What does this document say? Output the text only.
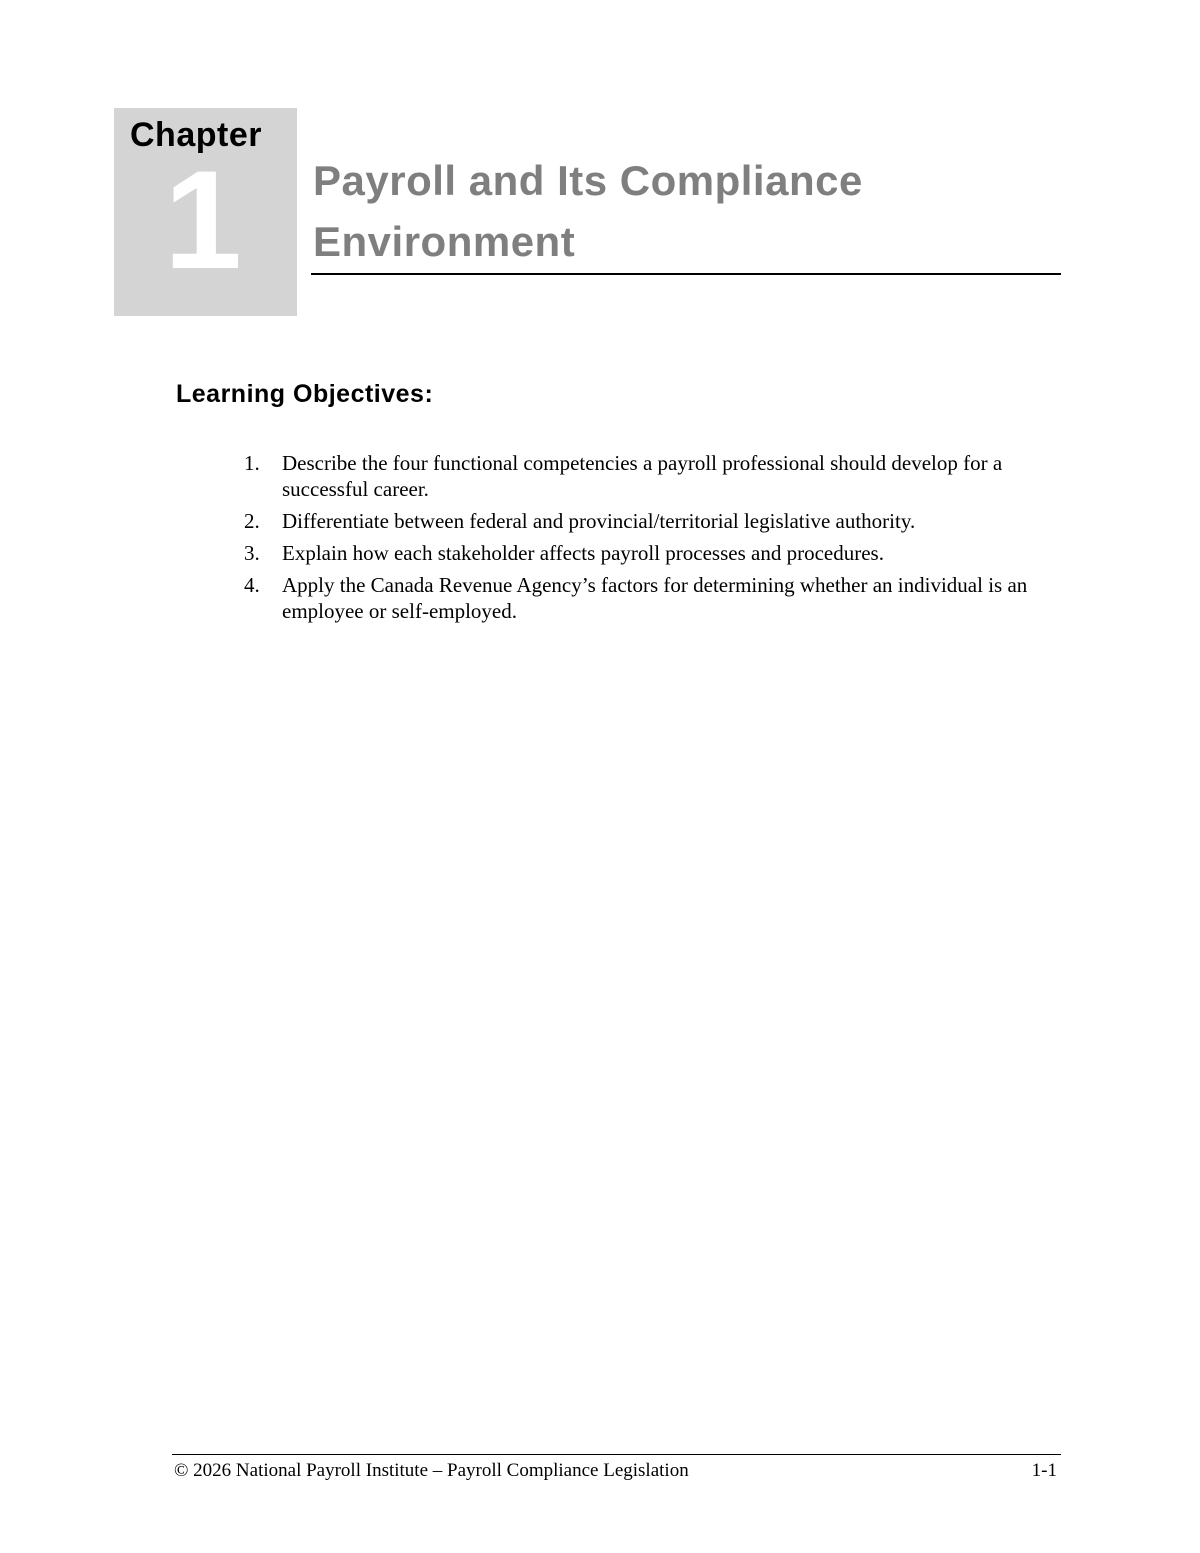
Chapter
1 Payroll and Its Compliance
Environment
Learning Objectives:
1. Describe the four functional competencies a payroll professional should develop for a successful career.
2. Differentiate between federal and provincial/territorial legislative authority.
3. Explain how each stakeholder affects payroll processes and procedures.
4. Apply the Canada Revenue Agency’s factors for determining whether an individual is an employee or self-employed.
© 2026 National Payroll Institute – Payroll Compliance Legislation	1-1
